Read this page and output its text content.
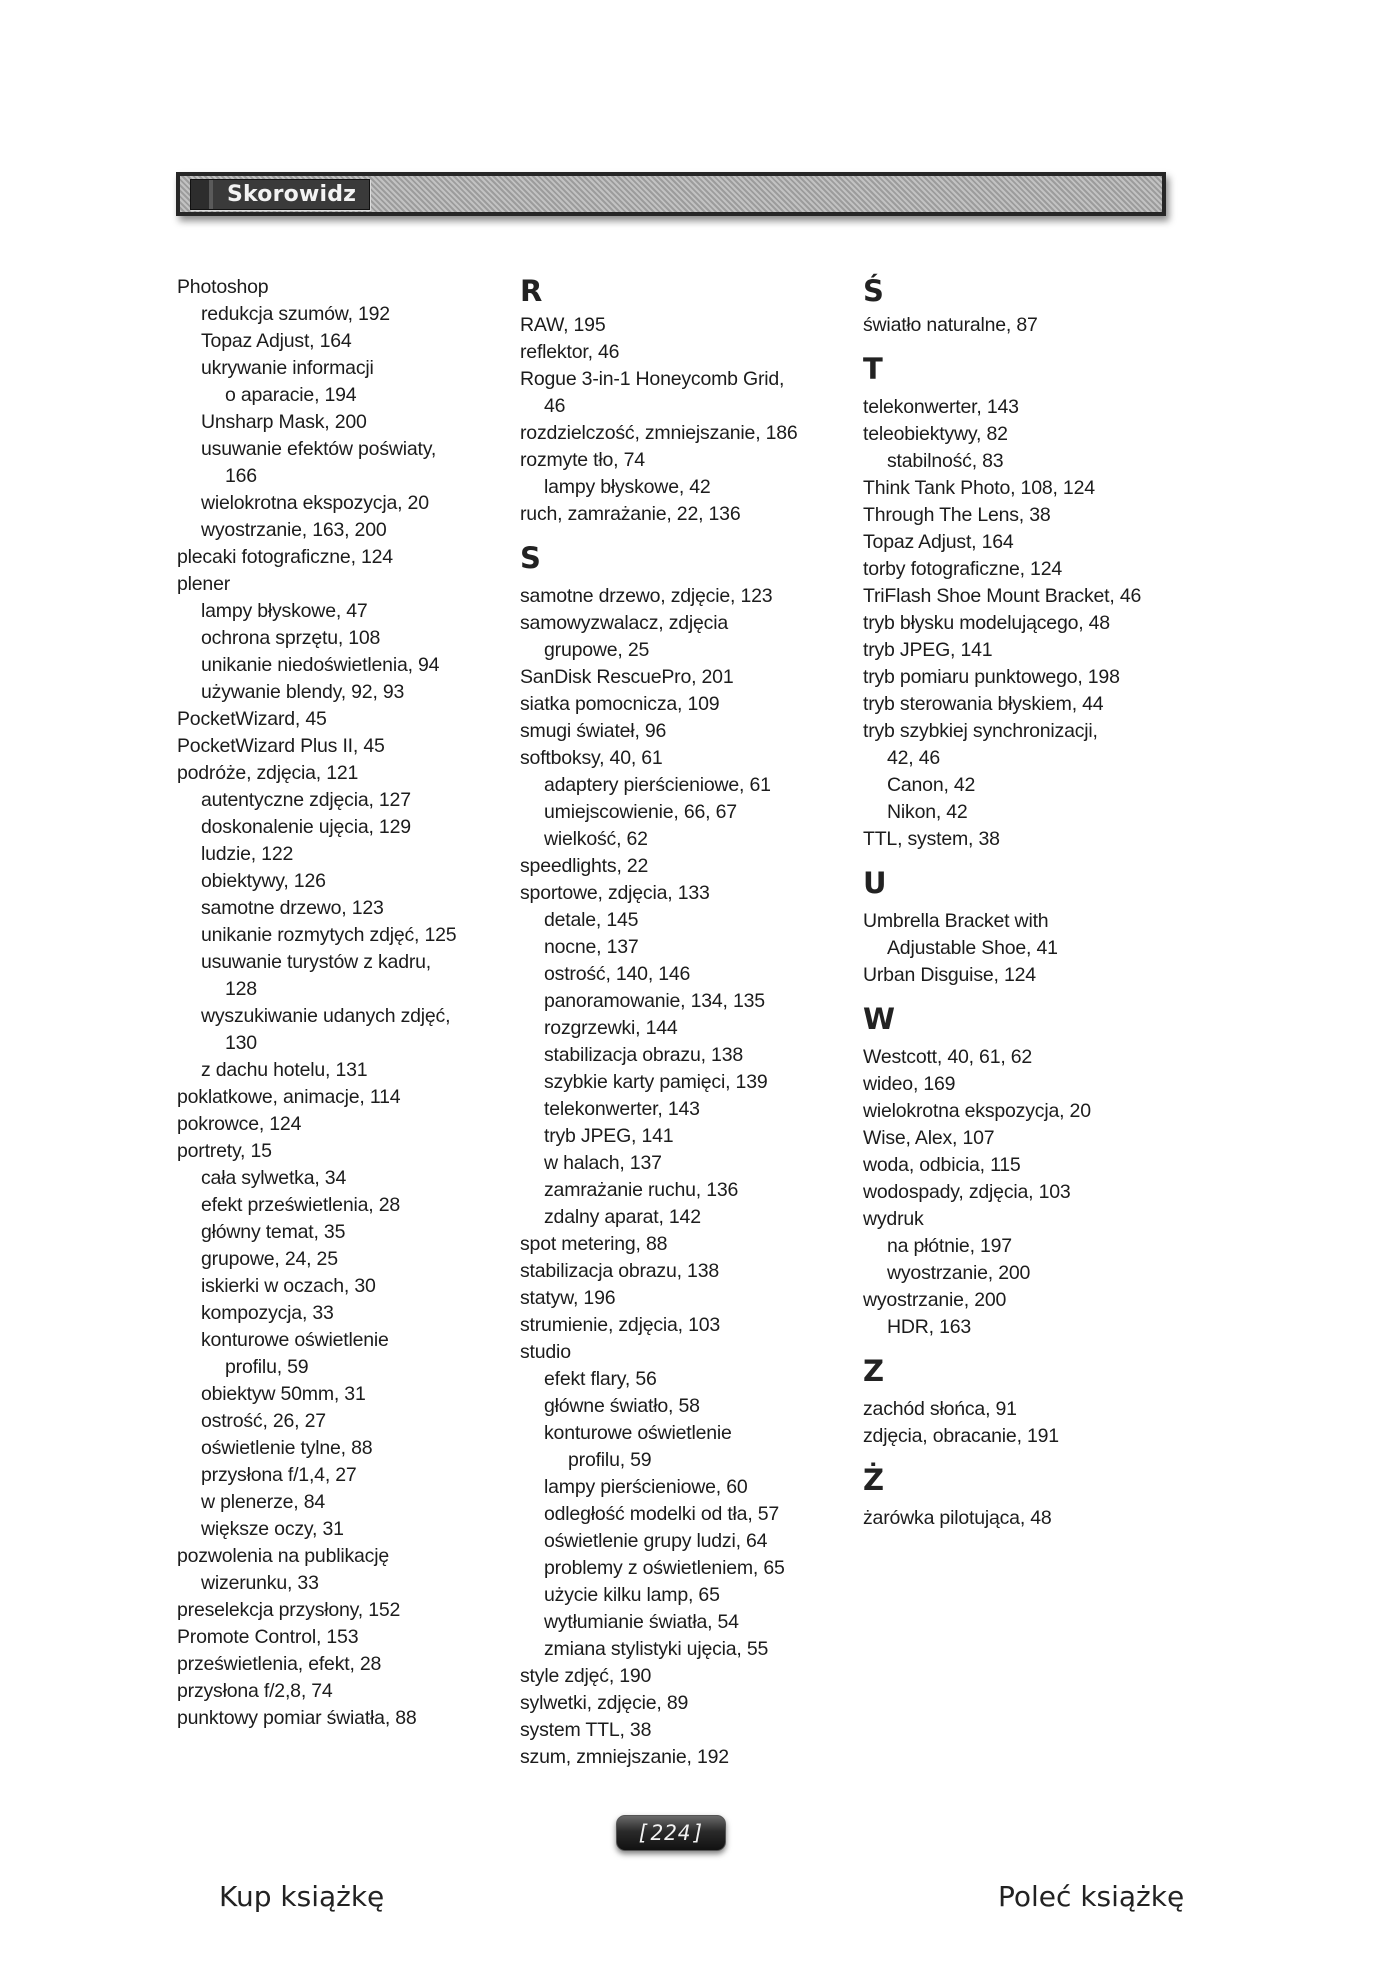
Skorowidz
Photoshop
redukcja szumów, 192
Topaz Adjust, 164
ukrywanie informacji
o aparacie, 194
Unsharp Mask, 200
usuwanie efektów poświaty,
166
wielokrotna ekspozycja, 20
wyostrzanie, 163, 200
plecaki fotograficzne, 124
plener
lampy błyskowe, 47
ochrona sprzętu, 108
unikanie niedoświetlenia, 94
używanie blendy, 92, 93
PocketWizard, 45
PocketWizard Plus II, 45
podróże, zdjęcia, 121
autentyczne zdjęcia, 127
doskonalenie ujęcia, 129
ludzie, 122
obiektywy, 126
samotne drzewo, 123
unikanie rozmytych zdjęć, 125
usuwanie turystów z kadru,
128
wyszukiwanie udanych zdjęć,
130
z dachu hotelu, 131
poklatkowe, animacje, 114
pokrowce, 124
portrety, 15
cała sylwetka, 34
efekt prześwietlenia, 28
główny temat, 35
grupowe, 24, 25
iskierki w oczach, 30
kompozycja, 33
konturowe oświetlenie
profilu, 59
obiektyw 50mm, 31
ostrość, 26, 27
oświetlenie tylne, 88
przysłona f/1,4, 27
w plenerze, 84
większe oczy, 31
pozwolenia na publikację
wizerunku, 33
preselekcja przysłony, 152
Promote Control, 153
prześwietlenia, efekt, 28
przysłona f/2,8, 74
punktowy pomiar światła, 88
R
RAW, 195
reflektor, 46
Rogue 3-in-1 Honeycomb Grid,
46
rozdzielczość, zmniejszanie, 186
rozmyte tło, 74
lampy błyskowe, 42
ruch, zamrażanie, 22, 136
S
samotne drzewo, zdjęcie, 123
samowyzwalacz, zdjęcia
grupowe, 25
SanDisk RescuePro, 201
siatka pomocnicza, 109
smugi świateł, 96
softboksy, 40, 61
adaptery pierścieniowe, 61
umiejscowienie, 66, 67
wielkość, 62
speedlights, 22
sportowe, zdjęcia, 133
detale, 145
nocne, 137
ostrość, 140, 146
panoramowanie, 134, 135
rozgrzewki, 144
stabilizacja obrazu, 138
szybkie karty pamięci, 139
telekonwerter, 143
tryb JPEG, 141
w halach, 137
zamrażanie ruchu, 136
zdalny aparat, 142
spot metering, 88
stabilizacja obrazu, 138
statyw, 196
strumienie, zdjęcia, 103
studio
efekt flary, 56
główne światło, 58
konturowe oświetlenie
profilu, 59
lampy pierścieniowe, 60
odległość modelki od tła, 57
oświetlenie grupy ludzi, 64
problemy z oświetleniem, 65
użycie kilku lamp, 65
wytłumianie światła, 54
zmiana stylistyki ujęcia, 55
style zdjęć, 190
sylwetki, zdjęcie, 89
system TTL, 38
szum, zmniejszanie, 192
Ś
światło naturalne, 87
T
telekonwerter, 143
teleobiektywy, 82
stabilność, 83
Think Tank Photo, 108, 124
Through The Lens, 38
Topaz Adjust, 164
torby fotograficzne, 124
TriFlash Shoe Mount Bracket, 46
tryb błysku modelującego, 48
tryb JPEG, 141
tryb pomiaru punktowego, 198
tryb sterowania błyskiem, 44
tryb szybkiej synchronizacji,
42, 46
Canon, 42
Nikon, 42
TTL, system, 38
U
Umbrella Bracket with
Adjustable Shoe, 41
Urban Disguise, 124
W
Westcott, 40, 61, 62
wideo, 169
wielokrotna ekspozycja, 20
Wise, Alex, 107
woda, odbicia, 115
wodospady, zdjęcia, 103
wydruk
na płótnie, 197
wyostrzanie, 200
wyostrzanie, 200
HDR, 163
Z
zachód słońca, 91
zdjęcia, obracanie, 191
Ż
żarówka pilotująca, 48
[224]
Kup książkę	Poleć książkę
